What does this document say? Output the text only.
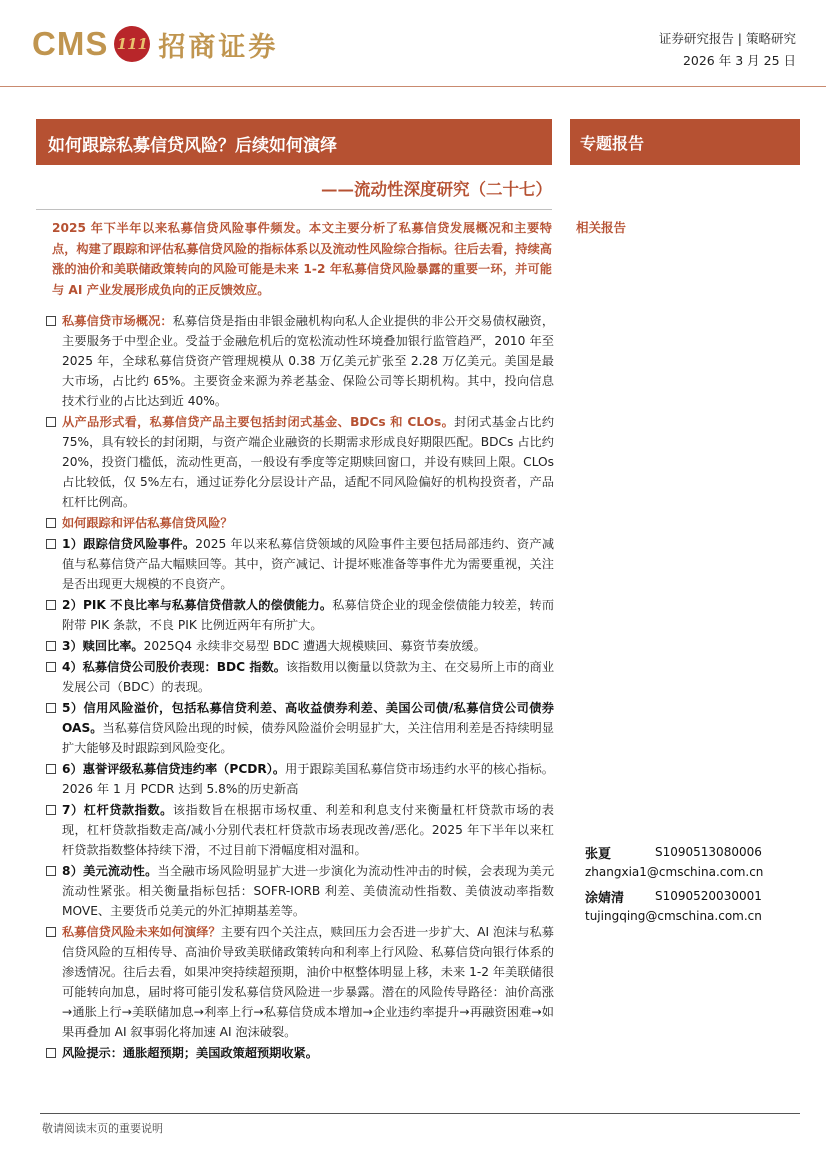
CMS 111 招商证券	证券研究报告 | 策略研究
2026 年 3 月 25 日
如何跟踪私募信贷风险？后续如何演绎
——流动性深度研究（二十七）
专题报告
相关报告
2025 年下半年以来私募信贷风险事件频发。本文主要分析了私募信贷发展概况和主要特点，构建了跟踪和评估私募信贷风险的指标体系以及流动性风险综合指标。往后去看，持续高涨的油价和美联储政策转向的风险可能是未来 1-2 年私募信贷风险暴露的重要一环，并可能与 AI 产业发展形成负向的正反馈效应。
私募信贷市场概况：私募信贷是指由非银金融机构向私人企业提供的非公开交易债权融资，主要服务于中型企业。受益于金融危机后的宽松流动性环境叠加银行监管趋严，2010 年至 2025 年，全球私募信贷资产管理规模从 0.38 万亿美元扩张至 2.28 万亿美元。美国是最大市场，占比约 65%。主要资金来源为养老基金、保险公司等长期机构。其中，投向信息技术行业的占比达到近 40%。
从产品形式看，私募信贷产品主要包括封闭式基金、BDCs 和 CLOs。封闭式基金占比约 75%，具有较长的封闭期，与资产端企业融资的长期需求形成良好期限匹配。BDCs 占比约 20%，投资门槛低，流动性更高，一般设有季度等定期赎回窗口，并设有赎回上限。CLOs 占比较低，仅 5%左右，通过证券化分层设计产品，适配不同风险偏好的机构投资者，产品杠杆比例高。
如何跟踪和评估私募信贷风险？
1）跟踪信贷风险事件。2025 年以来私募信贷领域的风险事件主要包括局部违约、资产减值与私募信贷产品大幅赎回等。其中，资产减记、计提坏账准备等事件尤为需要重视，关注是否出现更大规模的不良资产。
2）PIK 不良比率与私募信贷借款人的偿债能力。私募信贷企业的现金偿债能力较差，转而附带 PIK 条款，不良 PIK 比例近两年有所扩大。
3）赎回比率。2025Q4 永续非交易型 BDC 遭遇大规模赎回、募资节奏放缓。
4）私募信贷公司股价表现：BDC 指数。该指数用以衡量以贷款为主、在交易所上市的商业发展公司（BDC）的表现。
5）信用风险溢价，包括私募信贷利差、高收益债券利差、美国公司债/私募信贷公司债券 OAS。当私募信贷风险出现的时候，债券风险溢价会明显扩大，关注信用利差是否持续明显扩大能够及时跟踪到风险变化。
6）惠誉评级私募信贷违约率（PCDR）。用于跟踪美国私募信贷市场违约水平的核心指标。2026 年 1 月 PCDR 达到 5.8%的历史新高
7）杠杆贷款指数。该指数旨在根据市场权重、利差和利息支付来衡量杠杆贷款市场的表现，杠杆贷款指数走高/减小分别代表杠杆贷款市场表现改善/恶化。2025 年下半年以来杠杆贷款指数整体持续下滑，不过目前下滑幅度相对温和。
8）美元流动性。当全融市场风险明显扩大进一步演化为流动性冲击的时候，会表现为美元流动性紧张。相关衡量指标包括：SOFR-IORB 利差、美债流动性指数、美债波动率指数 MOVE、主要货币兑美元的外汇掉期基差等。
私募信贷风险未来如何演绎？主要有四个关注点，赎回压力会否进一步扩大、AI 泡沫与私募信贷风险的互相传导、高油价导致美联储政策转向和利率上行风险、私募信贷向银行体系的渗透情况。往后去看，如果冲突持续超预期，油价中枢整体明显上移，未来 1-2 年美联储很可能转向加息，届时将可能引发私募信贷风险进一步暴露。潜在的风险传导路径：油价高涨→通胀上行→美联储加息→利率上行→私募信贷成本增加→企业违约率提升→再融资困难→如果再叠加 AI 叙事弱化将加速 AI 泡沫破裂。
风险提示：通胀超预期；美国政策超预期收紧。
张夏	S1090513080006
zhangxia1@cmschina.com.cn
涂婧清	S1090520030001
tujingqing@cmschina.com.cn
敬请阅读末页的重要说明
